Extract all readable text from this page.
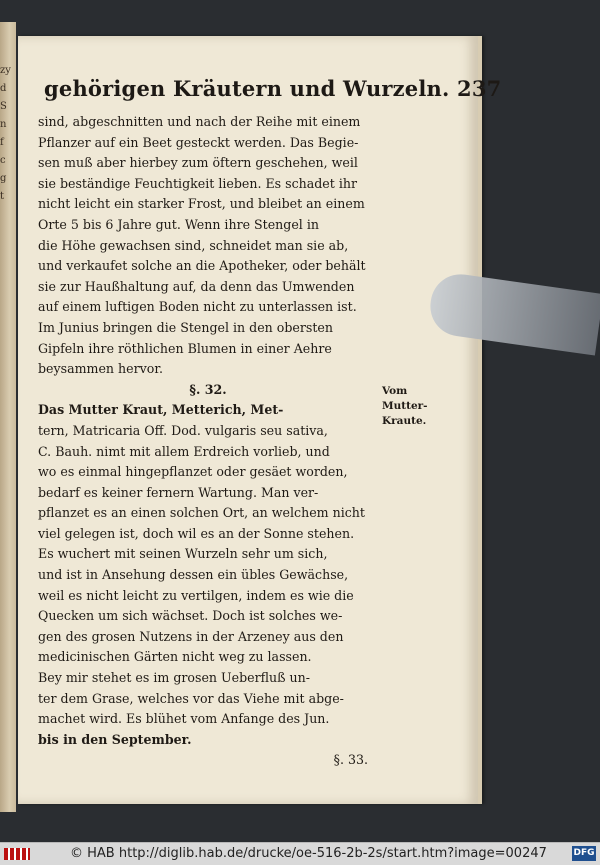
zy
d
S
n
f
c
g
t
gehörigen Kräutern und Wurzeln. 237
sind, abgeschnitten und nach der Reihe mit einem
Pflanzer auf ein Beet gesteckt werden. Das Begie-
sen muß aber hierbey zum öftern geschehen, weil
sie beständige Feuchtigkeit lieben. Es schadet ihr
nicht leicht ein starker Frost, und bleibet an einem
Orte 5 bis 6 Jahre gut. Wenn ihre Stengel in
die Höhe gewachsen sind, schneidet man sie ab,
und verkaufet solche an die Apotheker, oder behält
sie zur Haußhaltung auf, da denn das Umwenden
auf einem luftigen Boden nicht zu unterlassen ist.
Im Junius bringen die Stengel in den obersten
Gipfeln ihre röthlichen Blumen in einer Aehre
beysammen hervor.
§. 32.
Das Mutter Kraut, Metterich, Met-
tern, Matricaria Off. Dod. vulgaris seu sativa,
C. Bauh. nimt mit allem Erdreich vorlieb, und
wo es einmal hingepflanzet oder gesäet worden,
bedarf es keiner fernern Wartung. Man ver-
pflanzet es an einen solchen Ort, an welchem nicht
viel gelegen ist, doch wil es an der Sonne stehen.
Es wuchert mit seinen Wurzeln sehr um sich,
und ist in Ansehung dessen ein übles Gewächse,
weil es nicht leicht zu vertilgen, indem es wie die
Quecken um sich wächset. Doch ist solches we-
gen des grosen Nutzens in der Arzeney aus den
medicinischen Gärten nicht weg zu lassen.
Bey mir stehet es im grosen Ueberfluß un-
ter dem Grase, welches vor das Viehe mit abge-
machet wird. Es blühet vom Anfange des Jun.
bis in den September.
§. 33.
Vom Mutter-Kraute.
© HAB http://diglib.hab.de/drucke/oe-516-2b-2s/start.htm?image=00247	DFG
